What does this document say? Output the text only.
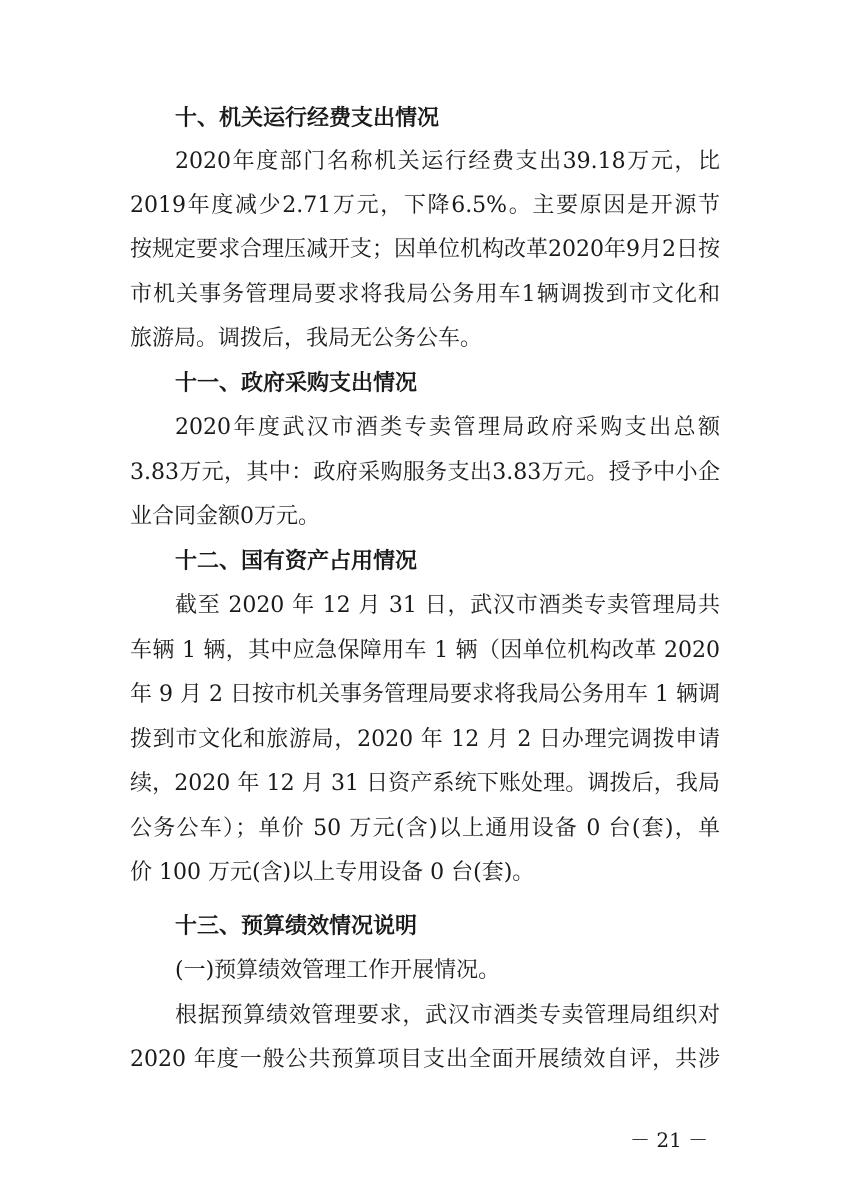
十、机关运行经费支出情况
2020年度部门名称机关运行经费支出39.18万元，比
2019年度减少2.71万元，下降6.5%。主要原因是开源节
按规定要求合理压减开支；因单位机构改革2020年9月2日按
市机关事务管理局要求将我局公务用车1辆调拨到市文化和
旅游局。调拨后，我局无公务公车。
十一、政府采购支出情况
2020年度武汉市酒类专卖管理局政府采购支出总额
3.83万元，其中：政府采购服务支出3.83万元。授予中小企
业合同金额0万元。
十二、国有资产占用情况
截至 2020 年 12 月 31 日，武汉市酒类专卖管理局共
车辆 1 辆，其中应急保障用车 1 辆（因单位机构改革 2020
年 9 月 2 日按市机关事务管理局要求将我局公务用车 1 辆调
拨到市文化和旅游局，2020 年 12 月 2 日办理完调拨申请
续，2020 年 12 月 31 日资产系统下账处理。调拨后，我局
公务公车）；单价 50 万元(含)以上通用设备 0 台(套)，单
价 100 万元(含)以上专用设备 0 台(套)。
十三、预算绩效情况说明
(一)预算绩效管理工作开展情况。
根据预算绩效管理要求，武汉市酒类专卖管理局组织对
2020 年度一般公共预算项目支出全面开展绩效自评，共涉
－ 21 －
